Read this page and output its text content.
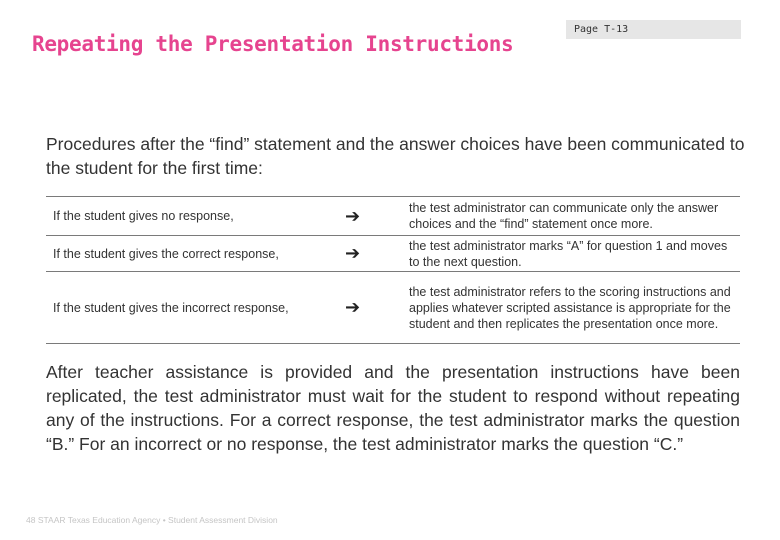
Page T-13
Repeating the Presentation Instructions

Procedures after the “find” statement and the answer choices have been communicated to the student for the first time:

If the student gives no response,	➔	the test administrator can communicate only the answer choices and the “find” statement once more.
If the student gives the correct response,	➔	the test administrator marks “A” for question 1 and moves to the next question.
If the student gives the incorrect response,	➔	the test administrator refers to the scoring instructions and applies whatever scripted assistance is appropriate for the student and then replicates the presentation once more.

After teacher assistance is provided and the presentation instructions have been replicated, the test administrator must wait for the student to respond without repeating any of the instructions. For a correct response, the test administrator marks the question “B.” For an incorrect or no response, the test administrator marks the question “C.”

48 STAAR Texas Education Agency • Student Assessment Division
